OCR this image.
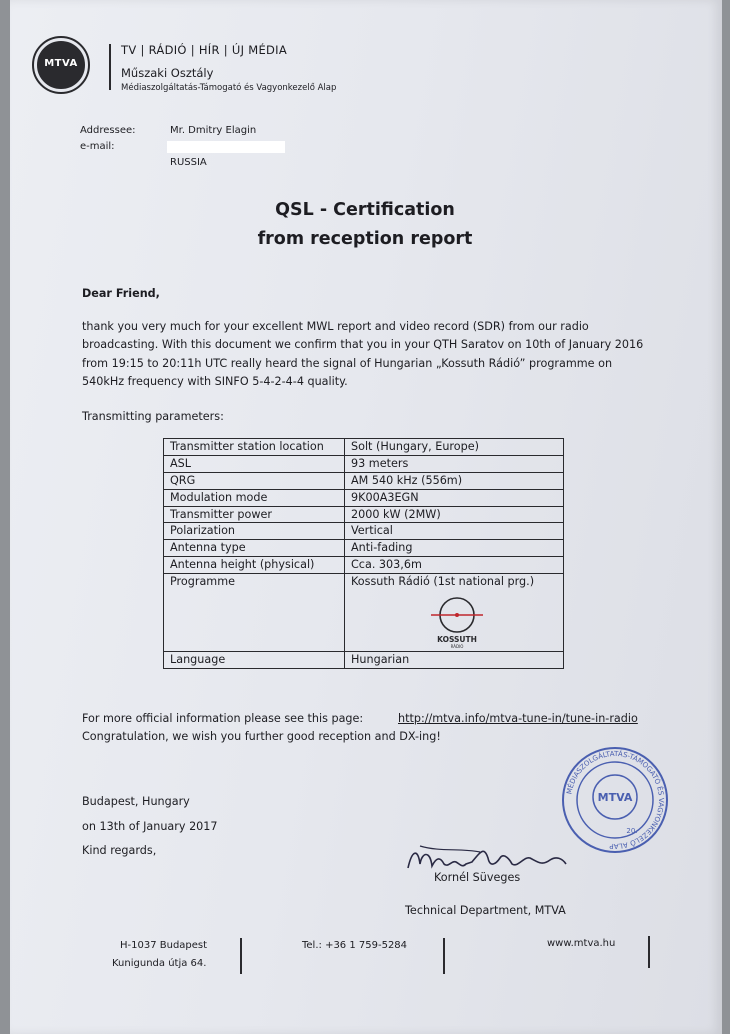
MTVA
TV | RÁDIÓ | HÍR | ÚJ MÉDIA
Műszaki Osztály
Médiaszolgáltatás-Támogató és Vagyonkezelő Alap
Addressee:	Mr. Dmitry Elagin
e-mail:
RUSSIA
QSL - Certification
from reception report
Dear Friend,
thank you very much for your excellent MWL report and video record (SDR) from our radio
broadcasting. With this document we confirm that you in your QTH Saratov on 10th of January 2016
from 19:15 to 20:11h UTC really heard the signal of Hungarian „Kossuth Rádió” programme on
540kHz frequency with SINFO 5-4-2-4-4 quality.
Transmitting parameters:
Transmitter station location	Solt (Hungary, Europe)
ASL	93 meters
QRG	AM 540 kHz (556m)
Modulation mode	9K00A3EGN
Transmitter power	2000 kW (2MW)
Polarization	Vertical
Antenna type	Anti-fading
Antenna height (physical)	Cca. 303,6m
Programme	Kossuth Rádió (1st national prg.)
KOSSUTH
RÁDIÓ

Language	Hungarian
For more official information please see this page:	http://mtva.info/mtva-tune-in/tune-in-radio
Congratulation, we wish you further good reception and DX-ing!
Budapest, Hungary
on 13th of January 2017
Kind regards,
Kornél Süveges
Technical Department, MTVA
MÉDIASZOLGÁLTATÁS-TÁMOGATÓ ÉS VAGYONKEZELŐ ALAP
MTVA
20.
H-1037 Budapest
Kunigunda útja 64.
Tel.: +36 1 759-5284	www.mtva.hu
